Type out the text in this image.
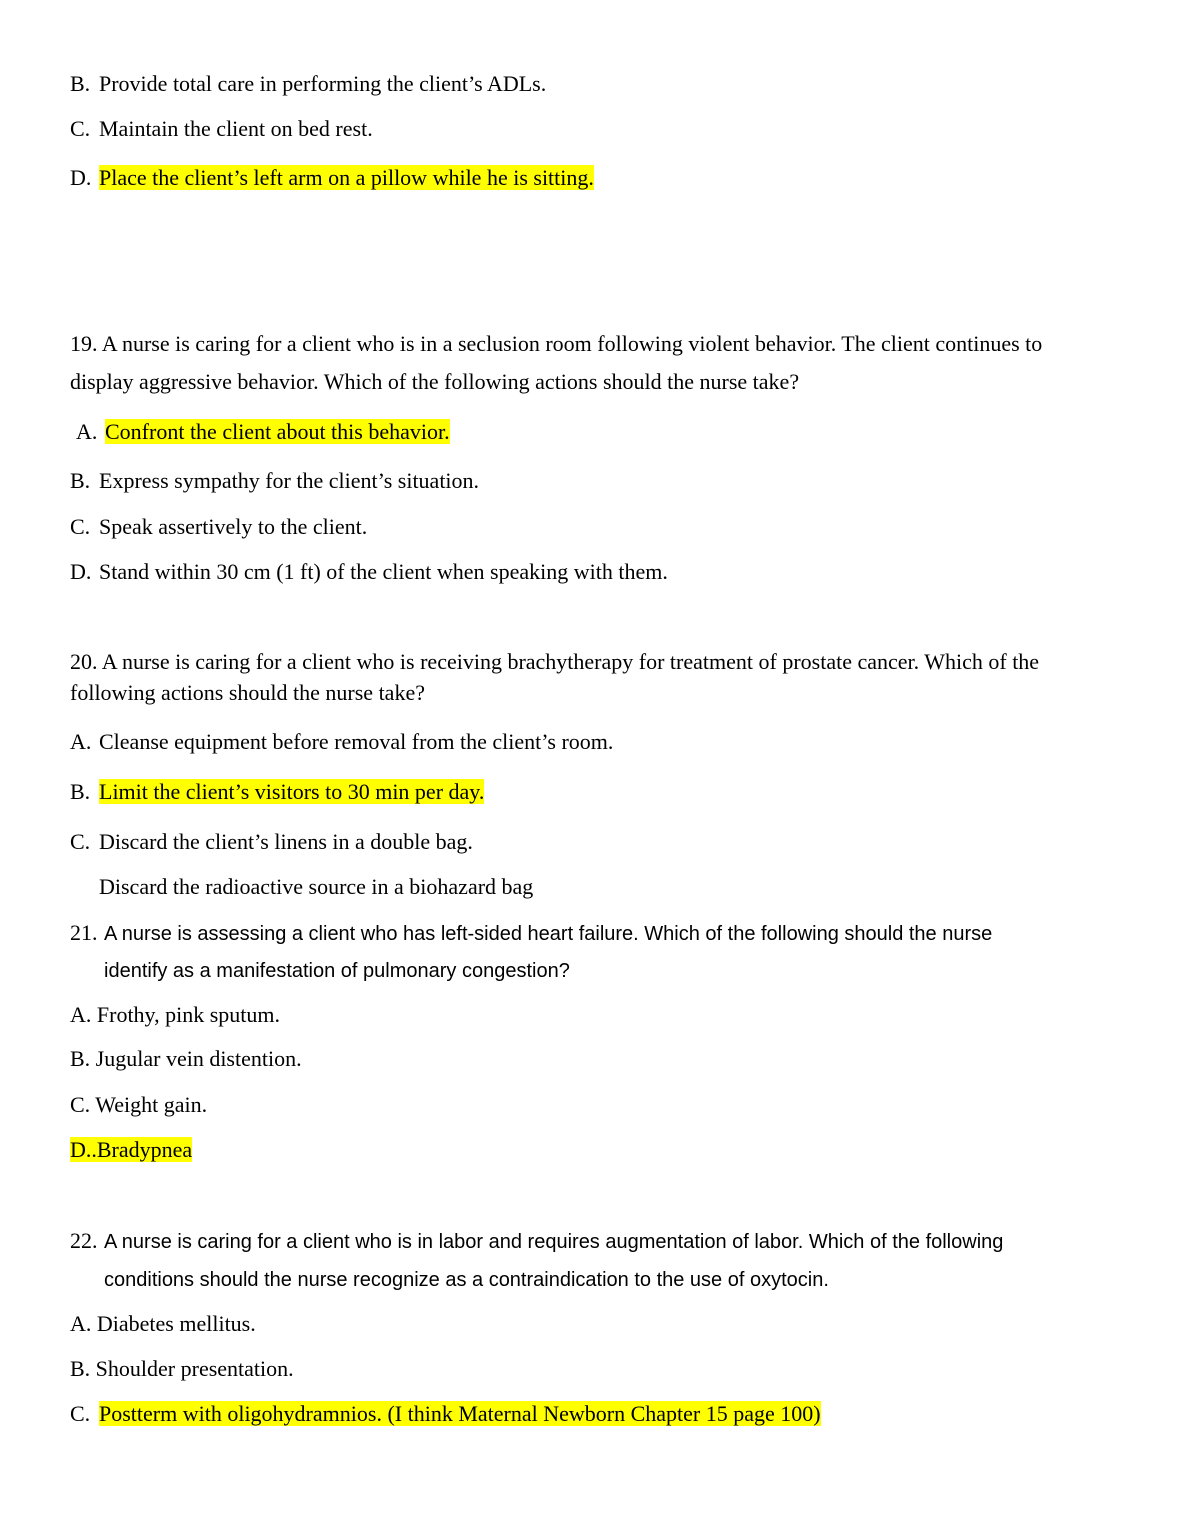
B. Provide total care in performing the client’s ADLs.
C. Maintain the client on bed rest.
D. Place the client’s left arm on a pillow while he is sitting.
19. A nurse is caring for a client who is in a seclusion room following violent behavior. The client continues to
display aggressive behavior. Which of the following actions should the nurse take?
A. Confront the client about this behavior.
B. Express sympathy for the client’s situation.
C. Speak assertively to the client.
D. Stand within 30 cm (1 ft) of the client when speaking with them.
20. A nurse is caring for a client who is receiving brachytherapy for treatment of prostate cancer. Which of the
following actions should the nurse take?
A. Cleanse equipment before removal from the client’s room.
B. Limit the client’s visitors to 30 min per day.
C. Discard the client’s linens in a double bag.
Discard the radioactive source in a biohazard bag
21. A nurse is assessing a client who has left-sided heart failure. Which of the following should the nurse
identify as a manifestation of pulmonary congestion?
A. Frothy, pink sputum.
B. Jugular vein distention.
C. Weight gain.
D..Bradypnea
22. A nurse is caring for a client who is in labor and requires augmentation of labor. Which of the following
conditions should the nurse recognize as a contraindication to the use of oxytocin.
A. Diabetes mellitus.
B. Shoulder presentation.
C. Postterm with oligohydramnios. (I think Maternal Newborn Chapter 15 page 100)
